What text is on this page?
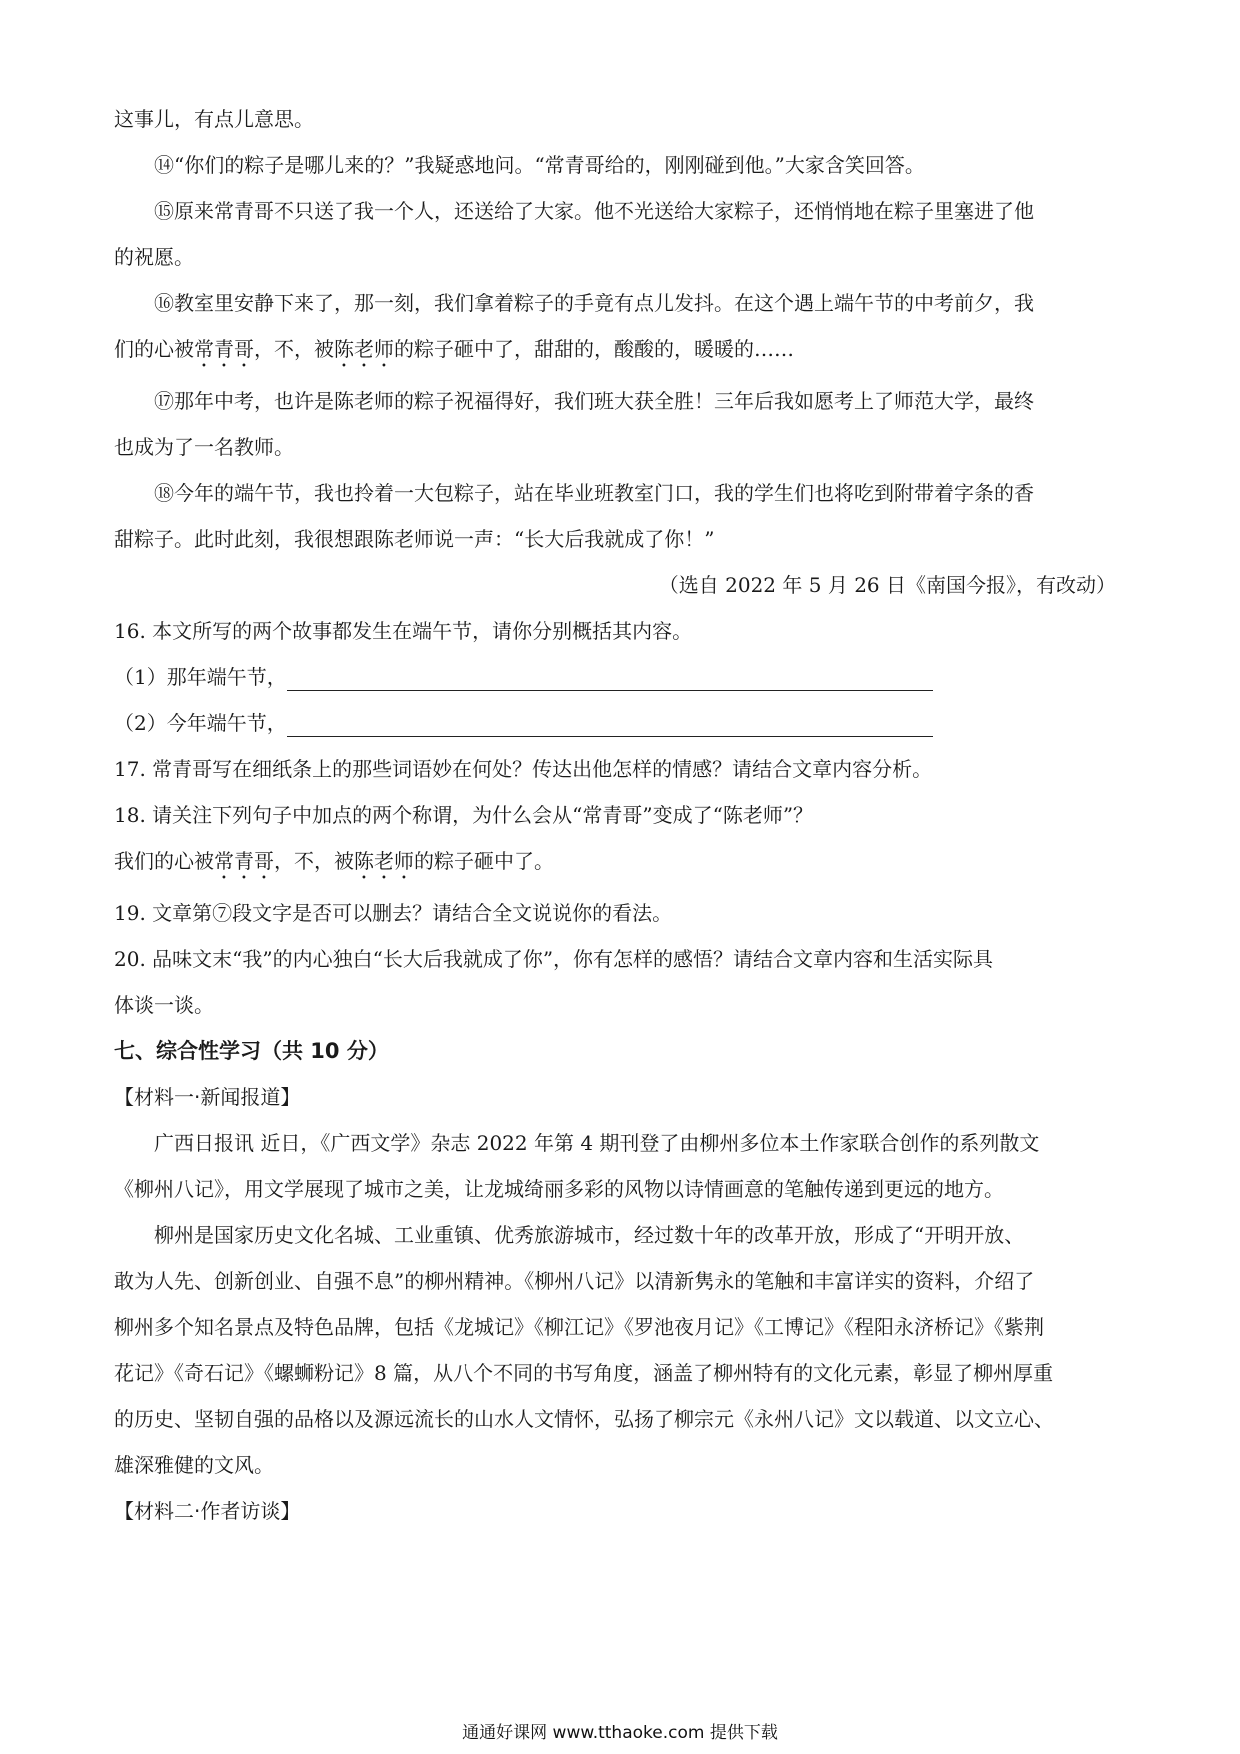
这事儿，有点儿意思。
⑭“你们的粽子是哪儿来的？”我疑惑地问。“常青哥给的，刚刚碰到他。”大家含笑回答。
⑮原来常青哥不只送了我一个人，还送给了大家。他不光送给大家粽子，还悄悄地在粽子里塞进了他
的祝愿。
⑯教室里安静下来了，那一刻，我们拿着粽子的手竟有点儿发抖。在这个遇上端午节的中考前夕，我
们的心被常青哥，不，被陈老师的粽子砸中了，甜甜的，酸酸的，暖暖的……
⑰那年中考，也许是陈老师的粽子祝福得好，我们班大获全胜！三年后我如愿考上了师范大学，最终
也成为了一名教师。
⑱今年的端午节，我也拎着一大包粽子，站在毕业班教室门口，我的学生们也将吃到附带着字条的香
甜粽子。此时此刻，我很想跟陈老师说一声：“长大后我就成了你！”
（选自 2022 年 5 月 26 日《南国今报》，有改动）
16. 本文所写的两个故事都发生在端午节，请你分别概括其内容。
（1）那年端午节，
（2）今年端午节，
17. 常青哥写在细纸条上的那些词语妙在何处？传达出他怎样的情感？请结合文章内容分析。
18. 请关注下列句子中加点的两个称谓，为什么会从“常青哥”变成了“陈老师”？
我们的心被常青哥，不，被陈老师的粽子砸中了。
19. 文章第⑦段文字是否可以删去？请结合全文说说你的看法。
20. 品味文末“我”的内心独白“长大后我就成了你”，你有怎样的感悟？请结合文章内容和生活实际具
体谈一谈。
七、综合性学习（共 10 分）
【材料一·新闻报道】
广西日报讯 近日，《广西文学》杂志 2022 年第 4 期刊登了由柳州多位本土作家联合创作的系列散文
《柳州八记》，用文学展现了城市之美，让龙城绮丽多彩的风物以诗情画意的笔触传递到更远的地方。
柳州是国家历史文化名城、工业重镇、优秀旅游城市，经过数十年的改革开放，形成了“开明开放、
敢为人先、创新创业、自强不息”的柳州精神。《柳州八记》以清新隽永的笔触和丰富详实的资料，介绍了
柳州多个知名景点及特色品牌，包括《龙城记》《柳江记》《罗池夜月记》《工博记》《程阳永济桥记》《紫荆
花记》《奇石记》《螺蛳粉记》8 篇，从八个不同的书写角度，涵盖了柳州特有的文化元素，彰显了柳州厚重
的历史、坚韧自强的品格以及源远流长的山水人文情怀，弘扬了柳宗元《永州八记》文以载道、以文立心、
雄深雅健的文风。
【材料二·作者访谈】
通通好课网 www.tthaoke.com 提供下载
